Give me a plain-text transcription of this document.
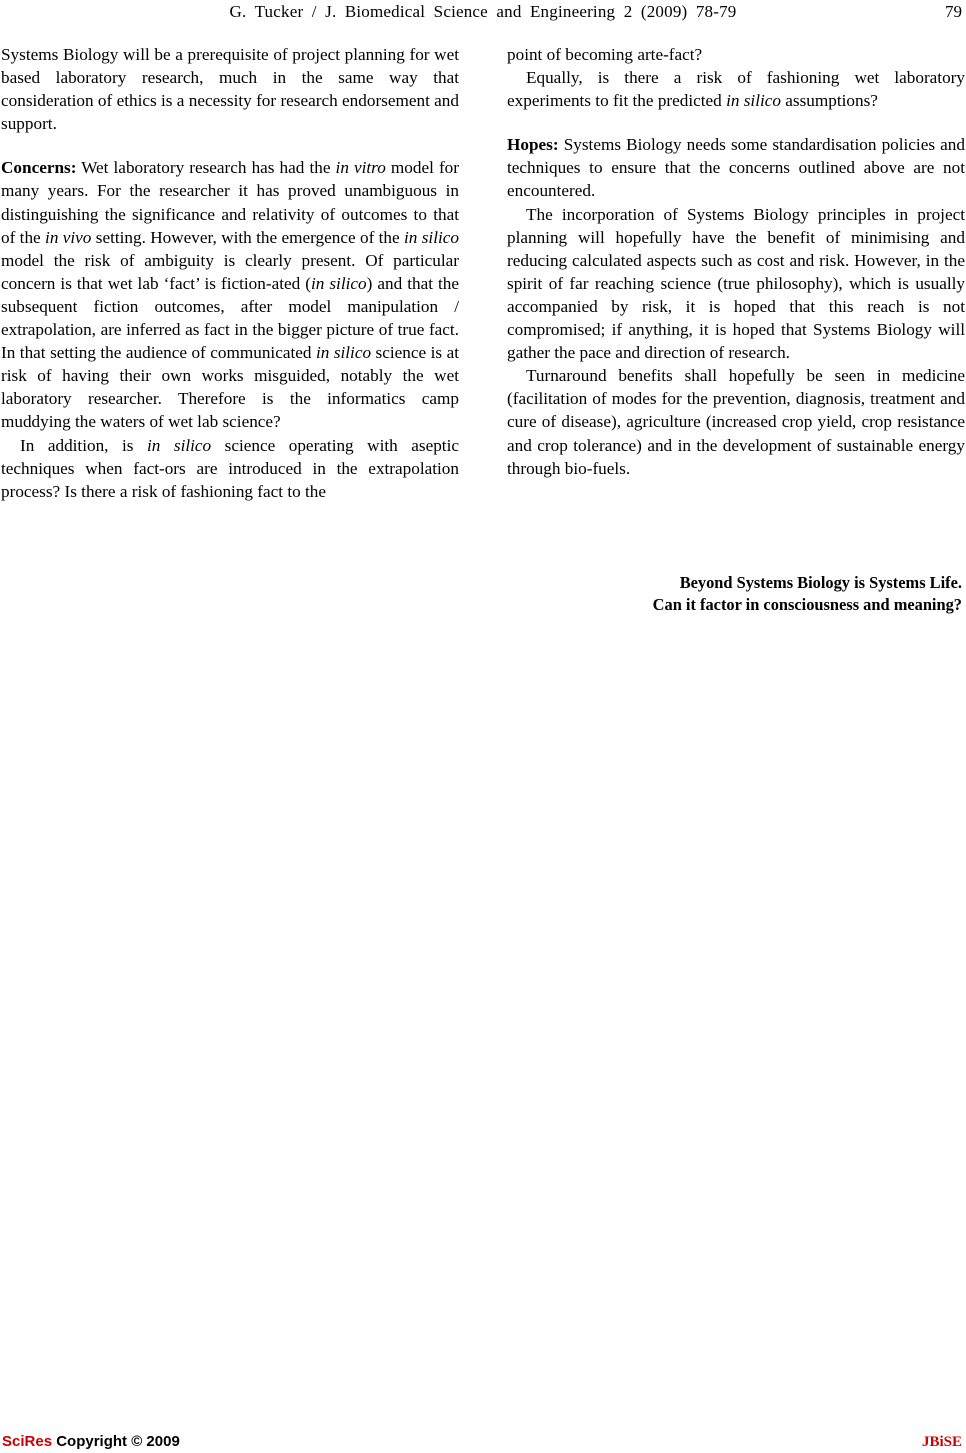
G. Tucker / J. Biomedical Science and Engineering 2 (2009) 78-79	79

Systems Biology will be a prerequisite of project planning for wet based laboratory research, much in the same way that consideration of ethics is a necessity for research endorsement and support.

Concerns: Wet laboratory research has had the in vitro model for many years. For the researcher it has proved unambiguous in distinguishing the significance and relativity of outcomes to that of the in vivo setting. However, with the emergence of the in silico model the risk of ambiguity is clearly present. Of particular concern is that wet lab ‘fact’ is fiction-ated (in silico) and that the subsequent fiction outcomes, after model manipulation / extrapolation, are inferred as fact in the bigger picture of true fact. In that setting the audience of communicated in silico science is at risk of having their own works misguided, notably the wet laboratory researcher. Therefore is the informatics camp muddying the waters of wet lab science?

In addition, is in silico science operating with aseptic techniques when fact-ors are introduced in the extrapolation process? Is there a risk of fashioning fact to the

point of becoming arte-fact?

Equally, is there a risk of fashioning wet laboratory experiments to fit the predicted in silico assumptions?

Hopes: Systems Biology needs some standardisation policies and techniques to ensure that the concerns outlined above are not encountered.

The incorporation of Systems Biology principles in project planning will hopefully have the benefit of minimising and reducing calculated aspects such as cost and risk. However, in the spirit of far reaching science (true philosophy), which is usually accompanied by risk, it is hoped that this reach is not compromised; if anything, it is hoped that Systems Biology will gather the pace and direction of research.

Turnaround benefits shall hopefully be seen in medicine (facilitation of modes for the prevention, diagnosis, treatment and cure of disease), agriculture (increased crop yield, crop resistance and crop tolerance) and in the development of sustainable energy through bio-fuels.

Beyond Systems Biology is Systems Life.
Can it factor in consciousness and meaning?
SciRes Copyright © 2009	JBiSE
